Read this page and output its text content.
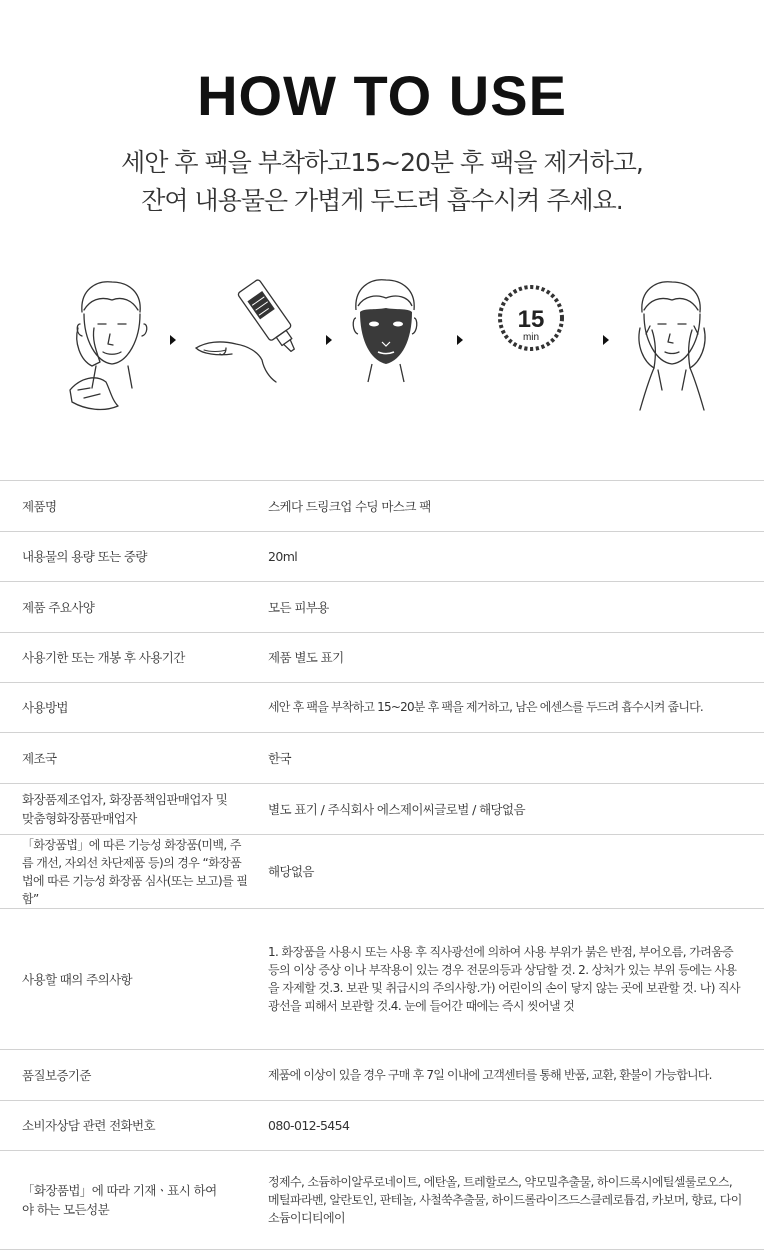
HOW TO USE
세안 후 팩을 부착하고15~20분 후 팩을 제거하고,
잔여 내용물은 가볍게 두드려 흡수시켜 주세요.
15
min
제품명	스케다 드링크업 수딩 마스크 팩
내용물의 용량 또는 중량	20ml
제품 주요사양	모든 피부용
사용기한 또는 개봉 후 사용기간	제품 별도 표기
사용방법	세안 후 팩을 부착하고 15~20분 후 팩을 제거하고, 남은 에센스를 두드려 흡수시켜 줍니다.
제조국	한국
화장품제조업자, 화장품책임판매업자 및 맞춤형화장품판매업자	별도 표기 / 주식회사 에스제이씨글로벌 / 해당없음
「화장품법」에 따른 기능성 화장품(미백, 주름 개선, 자외선 차단제품 등)의 경우 “화장품법에 따른 기능성 화장품 심사(또는 보고)를 필함”	해당없음
사용할 때의 주의사항	1. 화장품을 사용시 또는 사용 후 직사광선에 의하여 사용 부위가 붉은 반점, 부어오름, 가려움증 등의 이상 증상 이나 부작용이 있는 경우 전문의등과 상담할 것. 2. 상처가 있는 부위 등에는 사용을 자제할 것.3. 보관 및 취급시의 주의사항.가) 어린이의 손이 닿지 않는 곳에 보관할 것. 나) 직사광선을 피해서 보관할 것.4. 눈에 들어간 때에는 즉시 씻어낼 것
품질보증기준	제품에 이상이 있을 경우 구매 후 7일 이내에 고객센터를 통해 반품, 교환, 환불이 가능합니다.
소비자상담 관련 전화번호	080-012-5454
「화장품법」에 따라 기재ㆍ표시 하여야 하는 모든성분	정제수, 소듐하이알루로네이트, 에탄올, 트레할로스, 약모밀추출물, 하이드록시에틸셀룰로오스, 메틸파라벤, 알란토인, 판테놀, 사철쑥추출물, 하이드롤라이즈드스클레로튬검, 카보머, 향료, 다이소듐이디티에이
